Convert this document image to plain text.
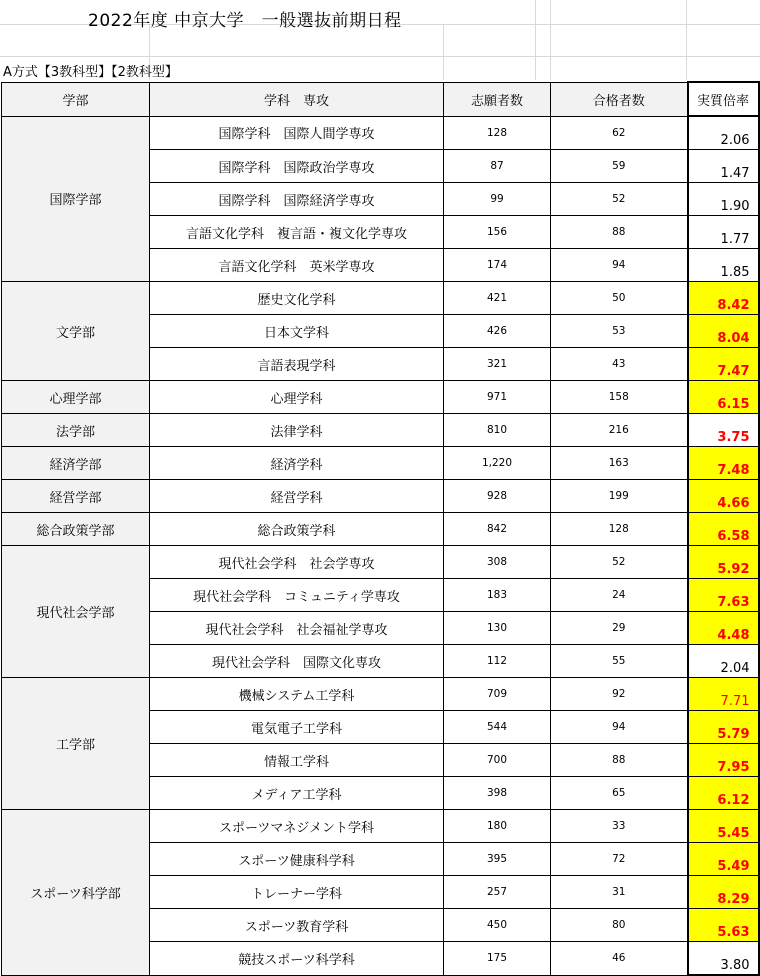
2022年度 中京大学　一般選抜前期日程
A方式【3教科型】【2教科型】
学部	学科　専攻	志願者数	合格者数	実質倍率
国際学部	国際学科　国際人間学専攻	128	62	2.06
	国際学科　国際政治学専攻	87	59	1.47
	国際学科　国際経済学専攻	99	52	1.90
	言語文化学科　複言語・複文化学専攻	156	88	1.77
	言語文化学科　英米学専攻	174	94	1.85
文学部	歴史文化学科	421	50	8.42
	日本文学科	426	53	8.04
	言語表現学科	321	43	7.47
心理学部	心理学科	971	158	6.15
法学部	法律学科	810	216	3.75
経済学部	経済学科	1,220	163	7.48
経営学部	経営学科	928	199	4.66
総合政策学部	総合政策学科	842	128	6.58
現代社会学部	現代社会学科　社会学専攻	308	52	5.92
	現代社会学科　コミュニティ学専攻	183	24	7.63
	現代社会学科　社会福祉学専攻	130	29	4.48
	現代社会学科　国際文化専攻	112	55	2.04
工学部	機械システム工学科	709	92	7.71
	電気電子工学科	544	94	5.79
	情報工学科	700	88	7.95
	メディア工学科	398	65	6.12
スポーツ科学部	スポーツマネジメント学科	180	33	5.45
	スポーツ健康科学科	395	72	5.49
	トレーナー学科	257	31	8.29
	スポーツ教育学科	450	80	5.63
	競技スポーツ科学科	175	46	3.80
